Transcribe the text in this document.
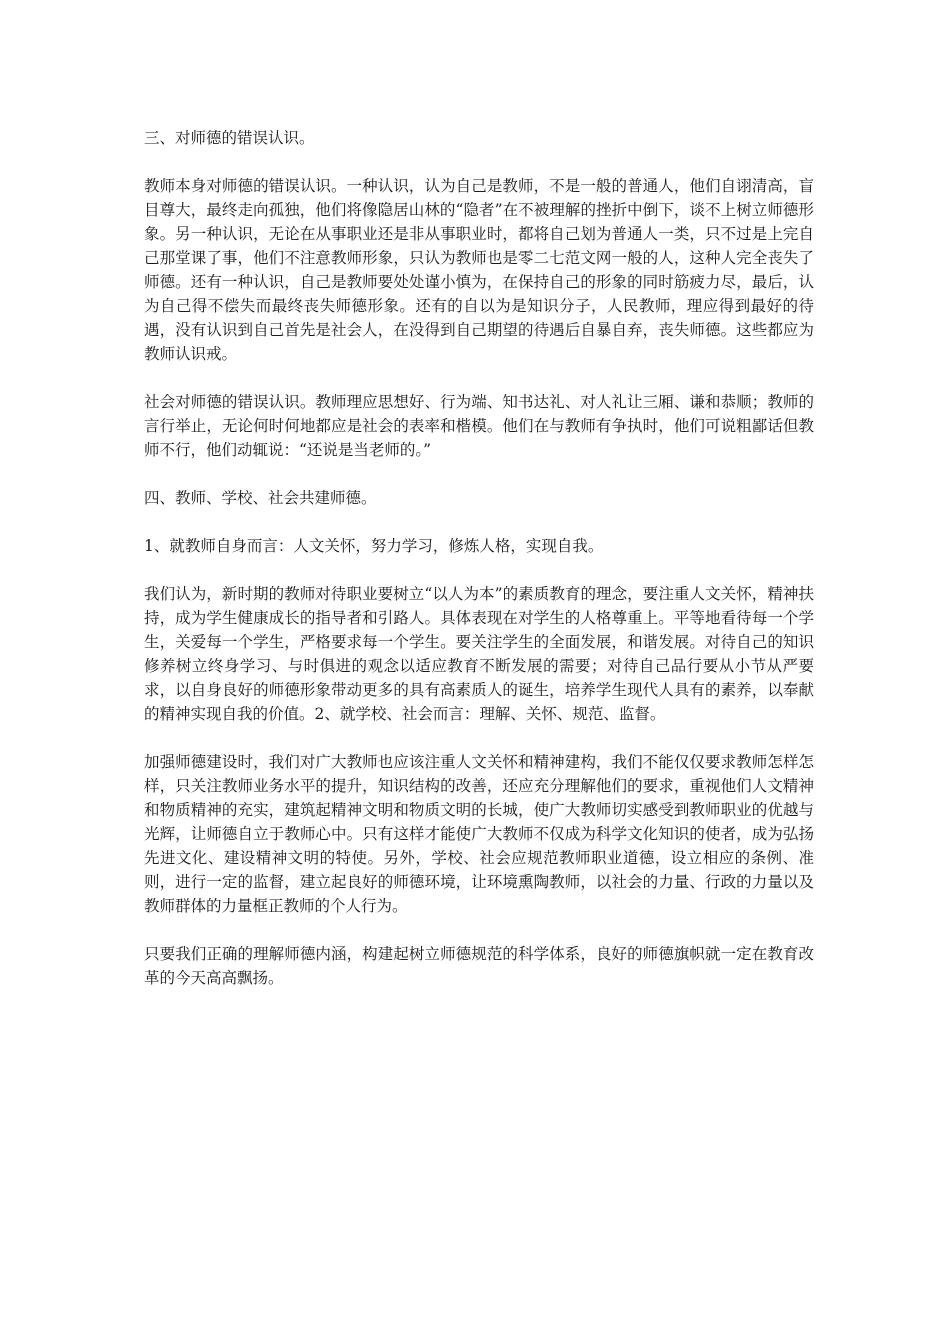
三、对师德的错误认识。

教师本身对师德的错误认识。一种认识，认为自己是教师，不是一般的普通人，他们自诩清高，盲目尊大，最终走向孤独，他们将像隐居山林的“隐者”在不被理解的挫折中倒下，谈不上树立师德形象。另一种认识，无论在从事职业还是非从事职业时，都将自己划为普通人一类，只不过是上完自己那堂课了事，他们不注意教师形象，只认为教师也是零二七范文网一般的人，这种人完全丧失了师德。还有一种认识，自己是教师要处处谨小慎为，在保持自己的形象的同时筋疲力尽，最后，认为自己得不偿失而最终丧失师德形象。还有的自以为是知识分子，人民教师，理应得到最好的待遇，没有认识到自己首先是社会人，在没得到自己期望的待遇后自暴自弃，丧失师德。这些都应为教师认识戒。

社会对师德的错误认识。教师理应思想好、行为端、知书达礼、对人礼让三厢、谦和恭顺；教师的言行举止，无论何时何地都应是社会的表率和楷模。他们在与教师有争执时，他们可说粗鄙话但教师不行，他们动辄说：“还说是当老师的。”

四、教师、学校、社会共建师德。

1、就教师自身而言：人文关怀，努力学习，修炼人格，实现自我。

我们认为，新时期的教师对待职业要树立“以人为本”的素质教育的理念，要注重人文关怀，精神扶持，成为学生健康成长的指导者和引路人。具体表现在对学生的人格尊重上。平等地看待每一个学生，关爱每一个学生，严格要求每一个学生。要关注学生的全面发展，和谐发展。对待自己的知识修养树立终身学习、与时俱进的观念以适应教育不断发展的需要；对待自己品行要从小节从严要求，以自身良好的师德形象带动更多的具有高素质人的诞生，培养学生现代人具有的素养，以奉献的精神实现自我的价值。2、就学校、社会而言：理解、关怀、规范、监督。

加强师德建设时，我们对广大教师也应该注重人文关怀和精神建构，我们不能仅仅要求教师怎样怎样，只关注教师业务水平的提升，知识结构的改善，还应充分理解他们的要求，重视他们人文精神和物质精神的充实，建筑起精神文明和物质文明的长城，使广大教师切实感受到教师职业的优越与光辉，让师德自立于教师心中。只有这样才能使广大教师不仅成为科学文化知识的使者，成为弘扬先进文化、建设精神文明的特使。另外，学校、社会应规范教师职业道德，设立相应的条例、准则，进行一定的监督，建立起良好的师德环境，让环境熏陶教师，以社会的力量、行政的力量以及教师群体的力量框正教师的个人行为。

只要我们正确的理解师德内涵，构建起树立师德规范的科学体系，良好的师德旗帜就一定在教育改革的今天高高飘扬。
